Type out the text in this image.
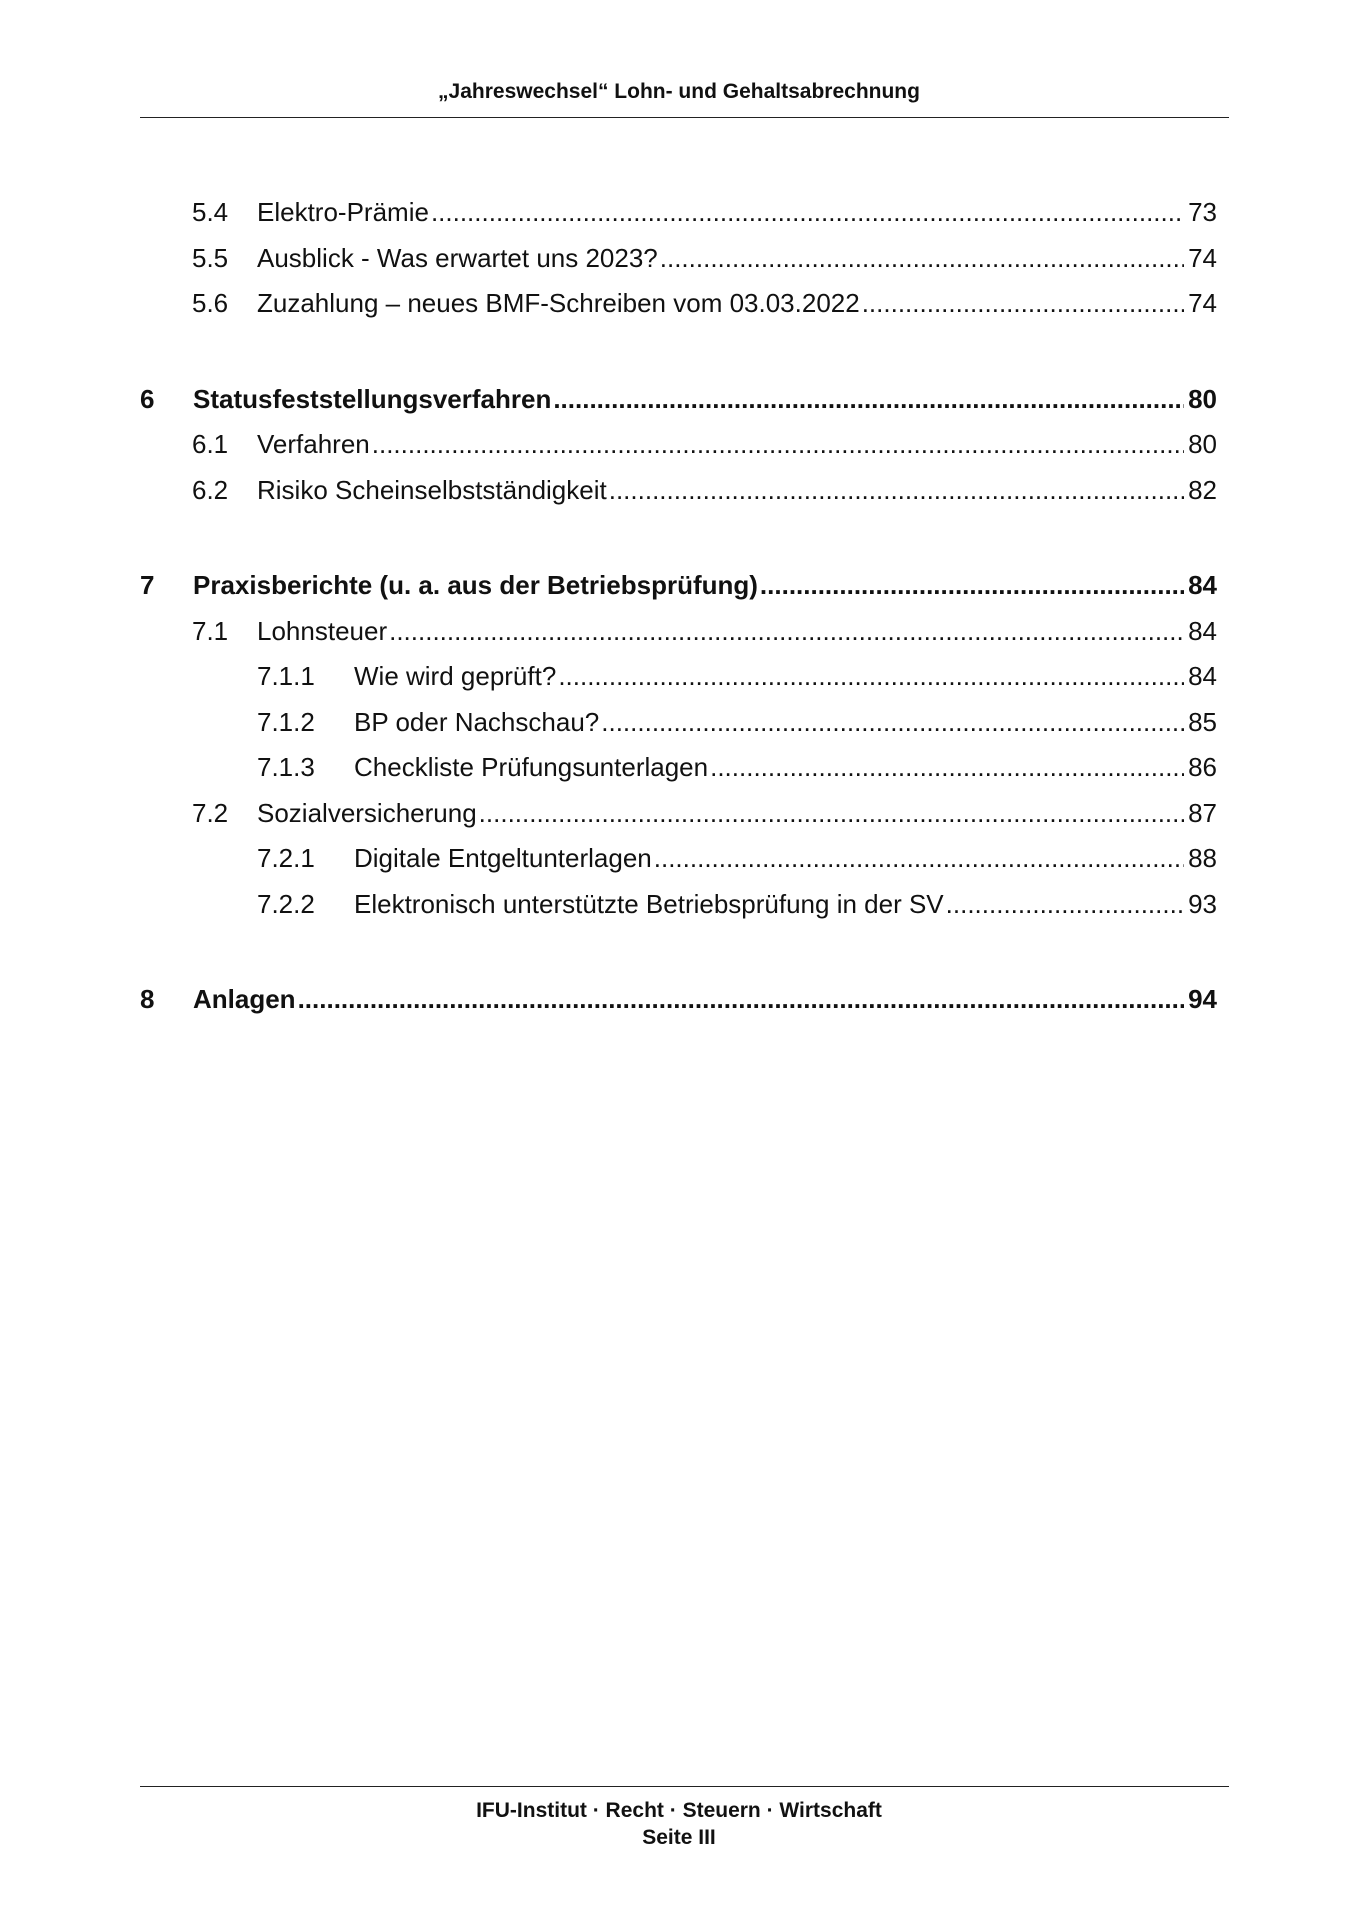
„Jahreswechsel“ Lohn- und Gehaltsabrechnung
5.4 Elektro-Prämie .....	73
5.5 Ausblick - Was erwartet uns 2023? .....	74
5.6 Zuzahlung – neues BMF-Schreiben vom 03.03.2022 .....	74
6 Statusfeststellungsverfahren .....	80
6.1 Verfahren .....	80
6.2 Risiko Scheinselbstständigkeit .....	82
7 Praxisberichte (u. a. aus der Betriebsprüfung) .....	84
7.1 Lohnsteuer .....	84
7.1.1 Wie wird geprüft? .....	84
7.1.2 BP oder Nachschau? .....	85
7.1.3 Checkliste Prüfungsunterlagen .....	86
7.2 Sozialversicherung .....	87
7.2.1 Digitale Entgeltunterlagen .....	88
7.2.2 Elektronisch unterstützte Betriebsprüfung in der SV .....	93
8 Anlagen .....	94
IFU-Institut · Recht · Steuern · Wirtschaft
Seite III
